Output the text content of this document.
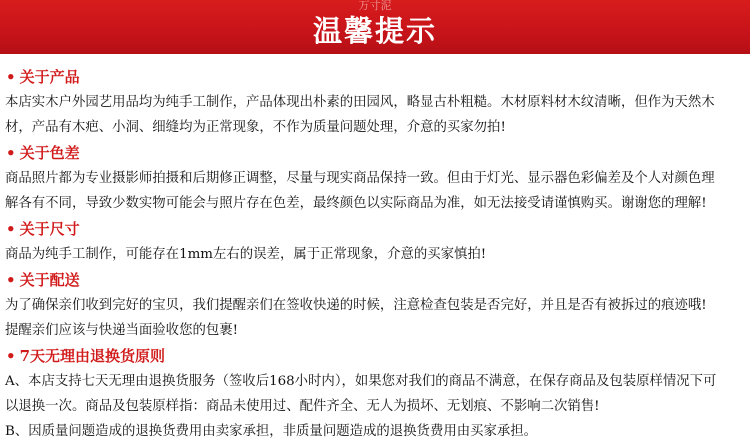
万寸泥
温馨提示
• 关于产品
本店实木户外园艺用品均为纯手工制作，产品体现出朴素的田园风，略显古朴粗糙。木材原料材木纹清晰，但作为天然木
材，产品有木疤、小洞、细缝均为正常现象，不作为质量问题处理，介意的买家勿拍!
• 关于色差
商品照片都为专业摄影师拍摄和后期修正调整，尽量与现实商品保持一致。但由于灯光、显示器色彩偏差及个人对颜色理
解各有不同，导致少数实物可能会与照片存在色差，最终颜色以实际商品为准，如无法接受请谨慎购买。谢谢您的理解!
• 关于尺寸
商品为纯手工制作，可能存在1mm左右的误差，属于正常现象，介意的买家慎拍!
• 关于配送
为了确保亲们收到完好的宝贝，我们提醒亲们在签收快递的时候，注意检查包装是否完好，并且是否有被拆过的痕迹哦!
提醒亲们应该与快递当面验收您的包裹!
• 7天无理由退换货原则
A、本店支持七天无理由退换货服务（签收后168小时内），如果您对我们的商品不满意，在保存商品及包装原样情况下可
以退换一次。商品及包装原样指：商品未使用过、配件齐全、无人为损坏、无划痕、不影响二次销售!
B、因质量问题造成的退换货费用由卖家承担，非质量问题造成的退换货费用由买家承担。
